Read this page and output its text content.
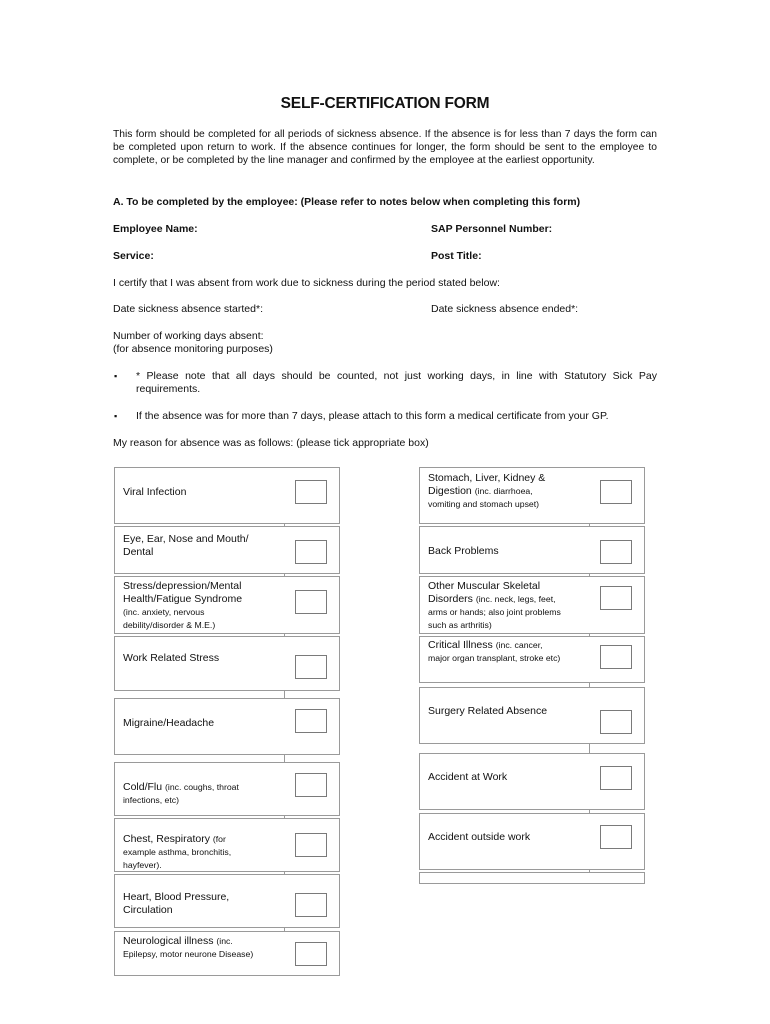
SELF-CERTIFICATION FORM
This form should be completed for all periods of sickness absence. If the absence is for less than 7 days the form can be completed upon return to work. If the absence continues for longer, the form should be sent to the employee to complete, or be completed by the line manager and confirmed by the employee at the earliest opportunity.
A. To be completed by the employee: (Please refer to notes below when completing this form)
Employee Name:	SAP Personnel Number:
Service:	Post Title:
I certify that I was absent from work due to sickness during the period stated below:
Date sickness absence started*:	Date sickness absence ended*:
Number of working days absent:
(for absence monitoring purposes)
▪ * Please note that all days should be counted, not just working days, in line with Statutory Sick Pay requirements.
▪ If the absence was for more than 7 days, please attach to this form a medical certificate from your GP.
My reason for absence was as follows: (please tick appropriate box)
Viral Infection
Eye, Ear, Nose and Mouth/ Dental
Stress/depression/Mental Health/Fatigue Syndrome (inc. anxiety, nervous debility/disorder & M.E.)
Work Related Stress
Migraine/Headache
Cold/Flu (inc. coughs, throat infections, etc)
Chest, Respiratory (for example asthma, bronchitis, hayfever).
Heart, Blood Pressure, Circulation
Neurological illness (inc. Epilepsy, motor neurone Disease)
Stomach, Liver, Kidney & Digestion (inc. diarrhoea, vomiting and stomach upset)
Back Problems
Other Muscular Skeletal Disorders (inc. neck, legs, feet, arms or hands; also joint problems such as arthritis)
Critical Illness (inc. cancer, major organ transplant, stroke etc)
Surgery Related Absence
Accident at Work
Accident outside work
